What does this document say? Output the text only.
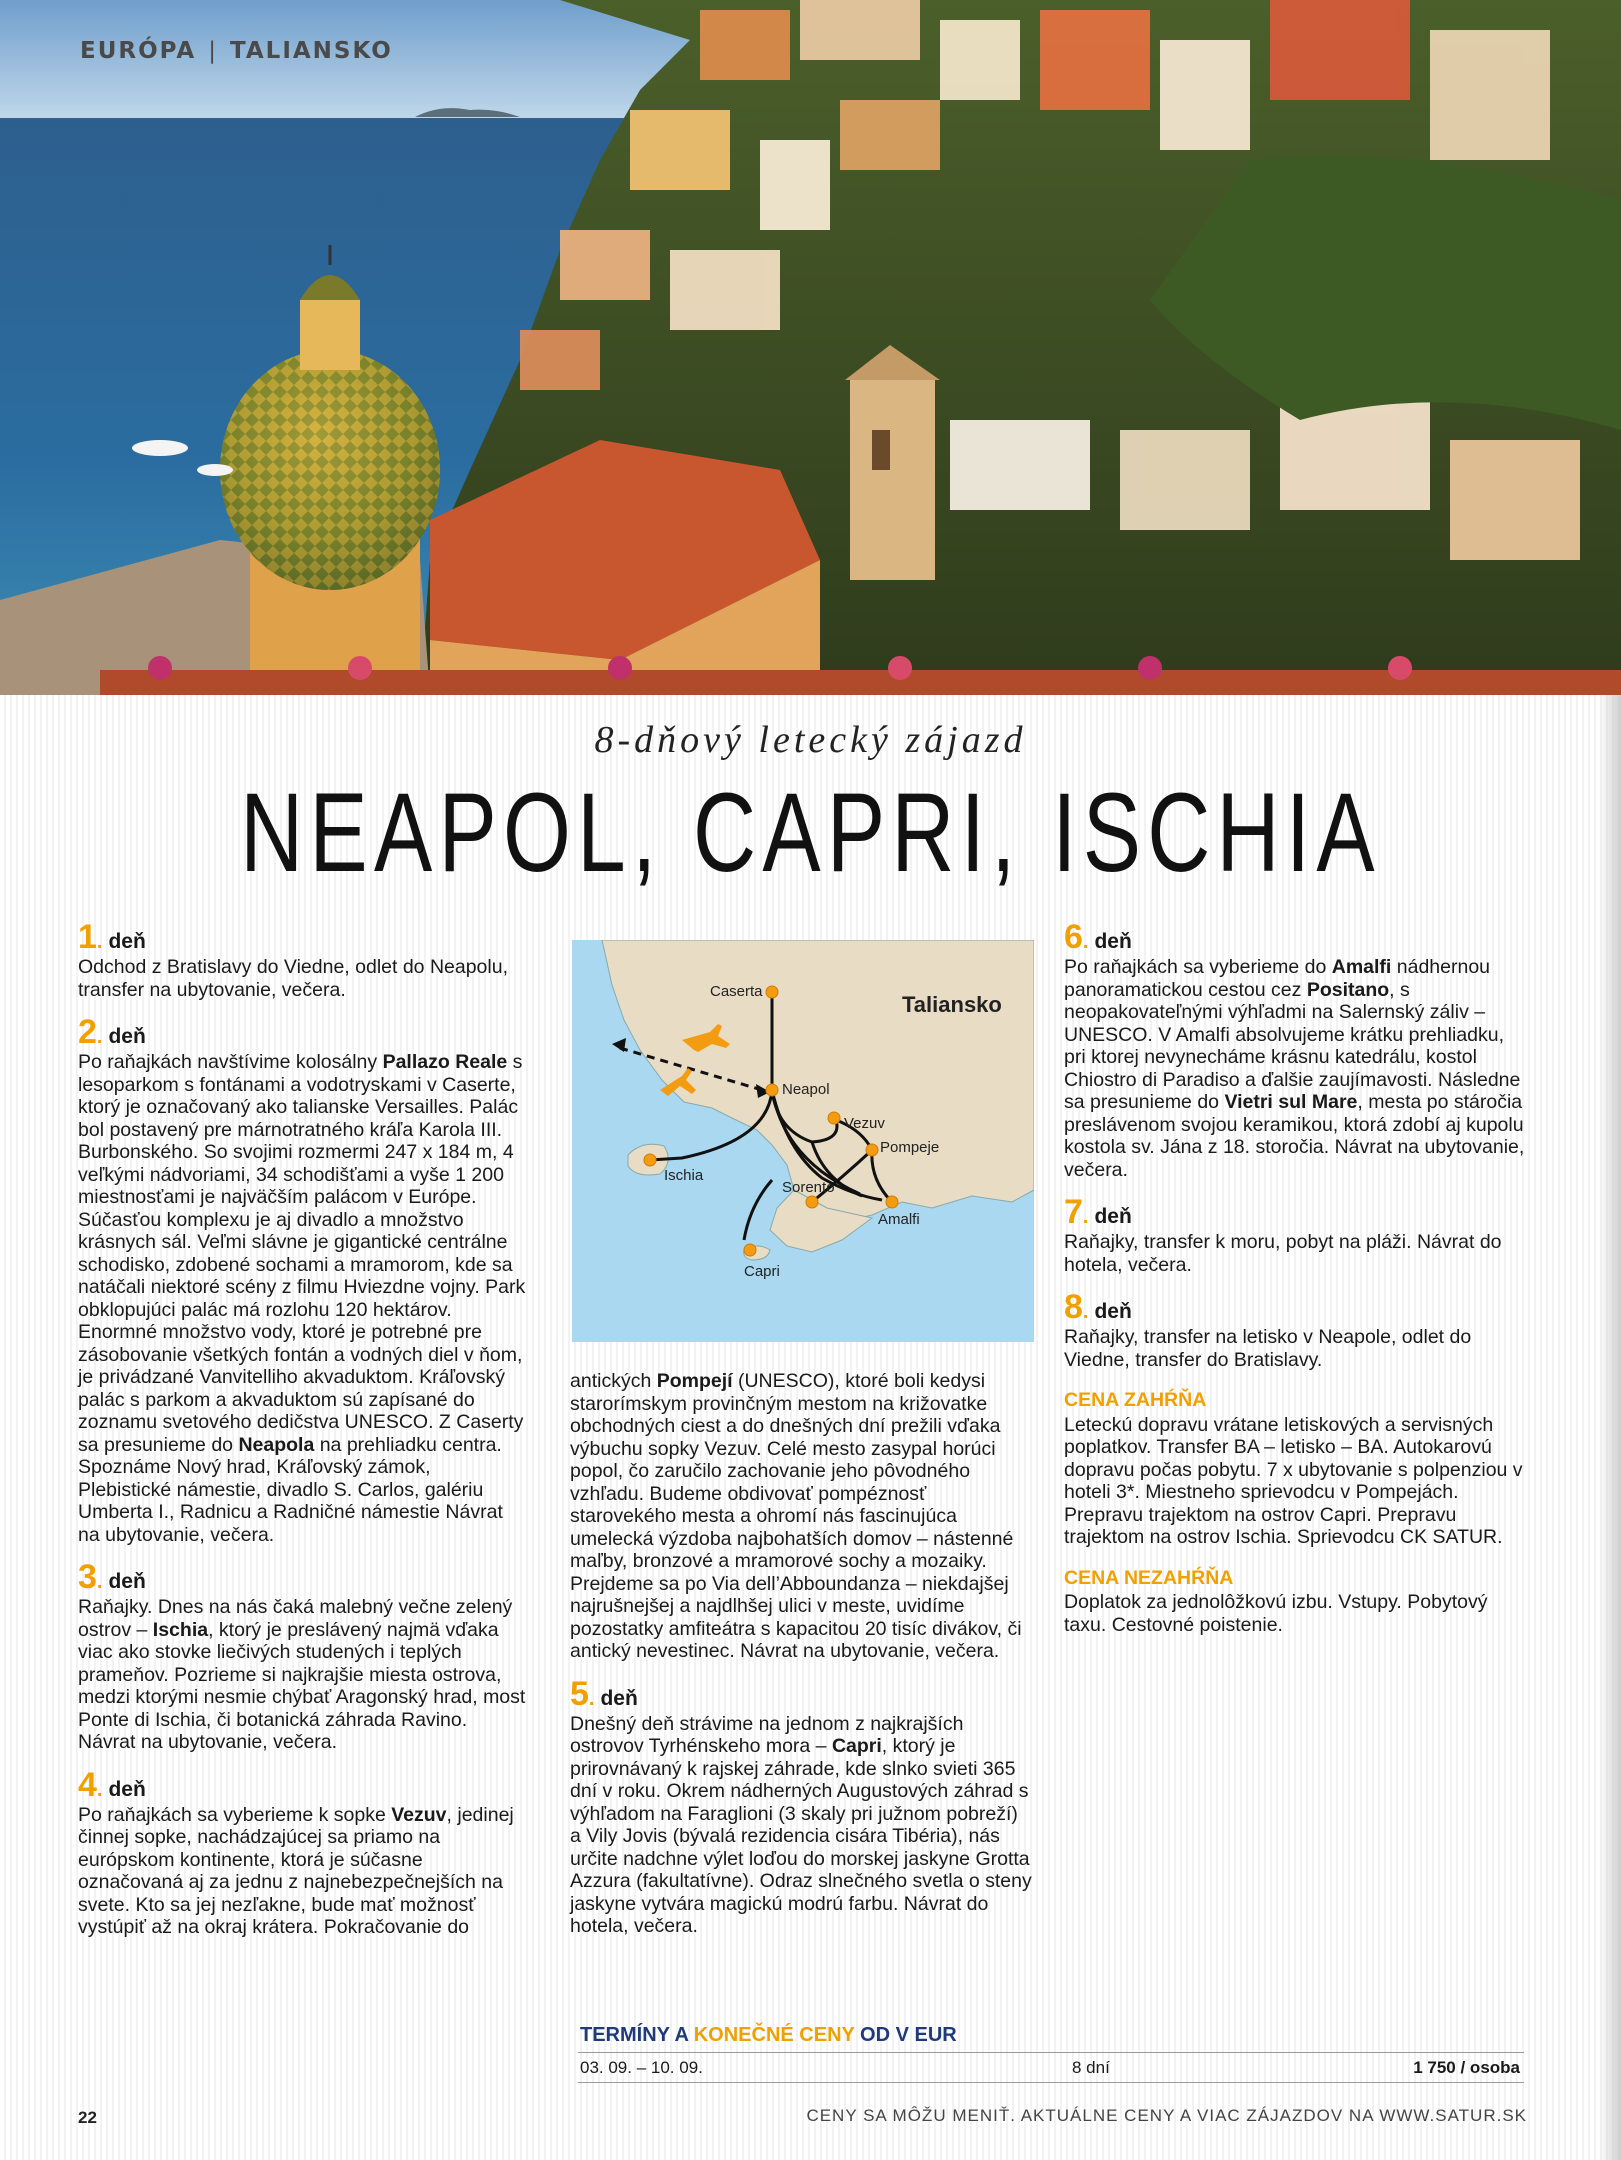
EURÓPA | TALIANSKO
8-dňový letecký zájazd
NEAPOL, CAPRI, ISCHIA
1 . deň

Odchod z Bratislavy do Viedne, odlet do Neapolu, transfer na ubytovanie, večera.

2 . deň

Po raňajkách navštívime kolosálny Pallazo Reale s lesoparkom s fontánami a vodotryskami v Caserte, ktorý je označovaný ako talianske Versailles. Palác bol postavený pre márnotratného kráľa Karola III. Burbonského. So svojimi rozmermi 247 x 184 m, 4 veľkými nádvoriami, 34 schodišťami a vyše 1 200 miestnosťami je najväčším palácom v Európe. Súčasťou komplexu je aj divadlo a množstvo krásnych sál. Veľmi slávne je gigantické centrálne schodisko, zdobené sochami a mramorom, kde sa natáčali niektoré scény z filmu Hviezdne vojny. Park obklopujúci palác má rozlohu 120 hektárov. Enormné množstvo vody, ktoré je potrebné pre zásobovanie všetkých fontán a vodných diel v ňom, je privádzané Vanvitelliho akvaduktom. Kráľovský palác s parkom a akvaduktom sú zapísané do zoznamu svetového dedičstva UNESCO. Z Caserty sa presunieme do Neapola na prehliadku centra. Spoznáme Nový hrad, Kráľovský zámok, Plebistické námestie, divadlo S. Carlos, galériu Umberta I., Radnicu a Radničné námestie Návrat na ubytovanie, večera.

3 . deň

Raňajky. Dnes na nás čaká malebný večne zelený ostrov – Ischia, ktorý je preslávený najmä vďaka viac ako stovke liečivých studených i teplých prameňov. Pozrieme si najkrajšie miesta ostrova, medzi ktorými nesmie chýbať Aragonský hrad, most Ponte di Ischia, či botanická záhrada Ravino. Návrat na ubytovanie, večera.

4 . deň

Po raňajkách sa vyberieme k sopke Vezuv, jedinej činnej sopke, nachádzajúcej sa priamo na európskom kontinente, ktorá je súčasne označovaná aj za jednu z najnebezpečnejších na svete. Kto sa jej nezľakne, bude mať možnosť vystúpiť až na okraj krátera. Pokračovanie do

Caserta
Neapol
Vezuv
Pompeje
Ischia
Sorento
Amalfi
Capri
Taliansko

antických Pompejí (UNESCO), ktoré boli kedysi starorímskym provinčným mestom na križovatke obchodných ciest a do dnešných dní prežili vďaka výbuchu sopky Vezuv. Celé mesto zasypal horúci popol, čo zaručilo zachovanie jeho pôvodného vzhľadu. Budeme obdivovať pompéznosť starovekého mesta a ohromí nás fascinujúca umelecká výzdoba najbohatších domov – nástenné maľby, bronzové a mramorové sochy a mozaiky. Prejdeme sa po Via dell’Abboundanza – niekdajšej najrušnejšej a najdlhšej ulici v meste, uvidíme pozostatky amfiteátra s kapacitou 20 tisíc divákov, či antický nevestinec. Návrat na ubytovanie, večera.

5 . deň

Dnešný deň strávime na jednom z najkrajších ostrovov Tyrhénskeho mora – Capri, ktorý je prirovnávaný k rajskej záhrade, kde slnko svieti 365 dní v roku. Okrem nádherných Augustových záhrad s výhľadom na Faraglioni (3 skaly pri južnom pobreží) a Vily Jovis (bývalá rezidencia cisára Tibéria), nás určite nadchne výlet loďou do morskej jaskyne Grotta Azzura (fakultatívne). Odraz slnečného svetla o steny jaskyne vytvára magickú modrú farbu. Návrat do hotela, večera.

6 . deň

Po raňajkách sa vyberieme do Amalfi nádhernou panoramatickou cestou cez Positano, s neopakovateľnými výhľadmi na Salernský záliv – UNESCO. V Amalfi absolvujeme krátku prehliadku, pri ktorej nevynecháme krásnu katedrálu, kostol Chiostro di Paradiso a ďalšie zaujímavosti. Následne sa presunieme do Vietri sul Mare, mesta po stáročia preslávenom svojou keramikou, ktorá zdobí aj kupolu kostola sv. Jána z 18. storočia. Návrat na ubytovanie, večera.

7 . deň

Raňajky, transfer k moru, pobyt na pláži. Návrat do hotela, večera.

8 . deň

Raňajky, transfer na letisko v Neapole, odlet do Viedne, transfer do Bratislavy.

CENA ZAHŔŇA

Leteckú dopravu vrátane letiskových a servisných poplatkov. Transfer BA – letisko – BA. Autokarovú dopravu počas pobytu. 7 x ubytovanie s polpenziou v hoteli 3*. Miestneho sprievodcu v Pompejách. Prepravu trajektom na ostrov Capri. Prepravu trajektom na ostrov Ischia. Sprievodcu CK SATUR.

CENA NEZAHŔŇA

Doplatok za jednolôžkovú izbu. Vstupy. Pobytový taxu. Cestovné poistenie.

TERMÍNY A KONEČNÉ CENY OD V EUR
03. 09. – 10. 09.	8 dní	1 750 / osoba
22	CENY SA MÔŽU MENIŤ. AKTUÁLNE CENY A VIAC ZÁJAZDOV NA WWW.SATUR.SK
